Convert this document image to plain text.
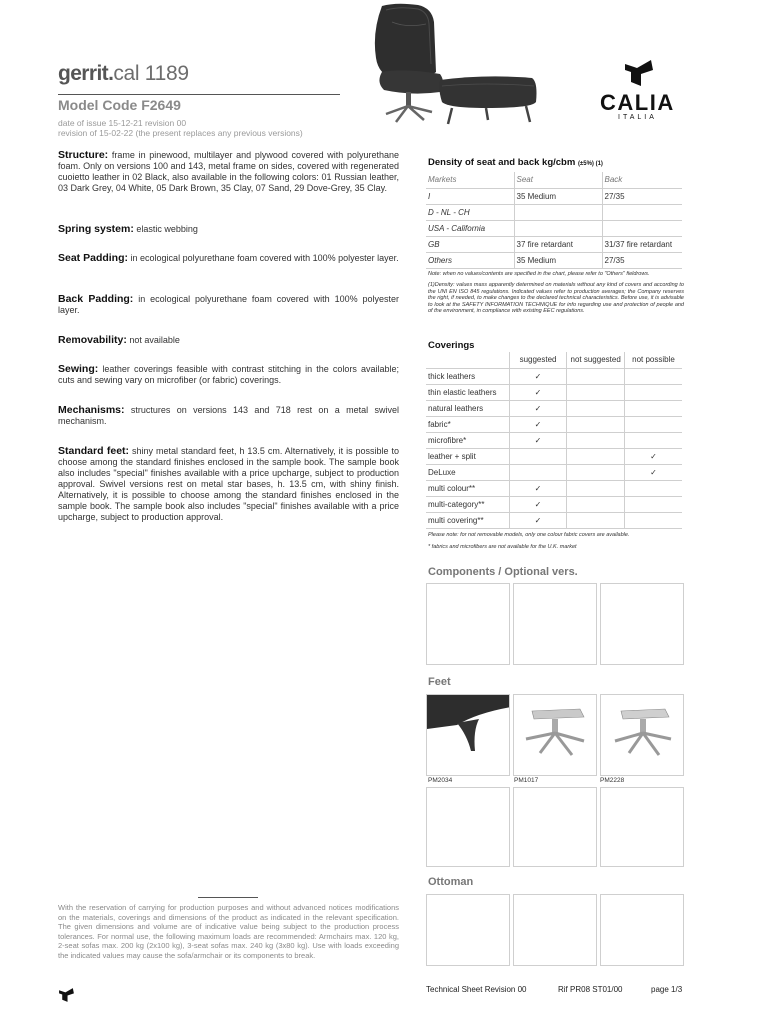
gerrit.cal 1189
Model Code F2649
date of issue 15-12-21 revision 00
revision of 15-02-22 (the present replaces any previous versions)
CALIA
ITALIA
Structure: frame in pinewood, multilayer and plywood covered with polyurethane foam. Only on versions 100 and 143, metal frame on sides, covered with regenerated cuoietto leather in 02 Black, also available in the following colors: 01 Russian leather, 03 Dark Grey, 04 White, 05 Dark Brown, 35 Clay, 07 Sand, 29 Dove-Grey, 35 Clay.
Spring system: elastic webbing
Seat Padding: in ecological polyurethane foam covered with 100% polyester layer.
Back Padding: in ecological polyurethane foam covered with 100% polyester layer.
Removability: not available
Sewing: leather coverings feasible with contrast stitching in the colors available; cuts and sewing vary on microfiber (or fabric) coverings.
Mechanisms: structures on versions 143 and 718 rest on a metal swivel mechanism.
Standard feet: shiny metal standard feet, h 13.5 cm. Alternatively, it is possible to choose among the standard finishes enclosed in the sample book. The sample book also includes "special" finishes available with a price upcharge, subject to production approval. Swivel versions rest on metal star bases, h. 13.5 cm, with shiny finish. Alternatively, it is possible to choose among the standard finishes enclosed in the sample book. The sample book also includes "special" finishes available with a price upcharge, subject to production approval.
Density of seat and back kg/cbm (±5%) (1)
Markets	Seat	Back
I	35 Medium	27/35
D - NL - CH		
USA - California		
GB	37 fire retardant	31/37 fire retardant
Others	35 Medium	27/35
Note: when no values/contents are specified in the chart, please refer to "Others" fieldrows.
(1)Density: values mass apparently determined on materials without any kind of covers and according to the UNI EN ISO 845 regulations. Indicated values refer to production averages; the Company reserves the right, if needed, to make changes to the declared technical characteristics. Before use, it is advisable to look at the SAFETY INFORMATION TECHNIQUE for info regarding use and protection of people and of the environment, in compliance with existing EEC regulations.
Coverings
	suggested	not suggested	not possible
thick leathers	✓		
thin elastic leathers	✓		
natural leathers	✓		
fabric*	✓		
microfibre*	✓		
leather + split			✓
DeLuxe			✓
multi colour**	✓		
multi-category**	✓		
multi covering**	✓		
Please note: for not removable models, only one colour fabric covers are available.
* fabrics and microfibers are not available for the U.K. market
Components / Optional vers.
Feet
PM2034	PM1017	PM2228
Ottoman
With the reservation of carrying for production purposes and without advanced notices modifications on the materials, coverings and dimensions of the product as indicated in the relevant specification. The given dimensions and volume are of indicative value being subject to the production process tolerances. For normal use, the following maximum loads are recommended: Armchairs max. 120 kg, 2-seat sofas max. 200 kg (2x100 kg), 3-seat sofas max. 240 kg (3x80 kg). Use with loads exceeding the indicated values may cause the sofa/armchair or its components to break.
Technical Sheet Revision 00	Rif PR08 ST01/00	page 1/3
